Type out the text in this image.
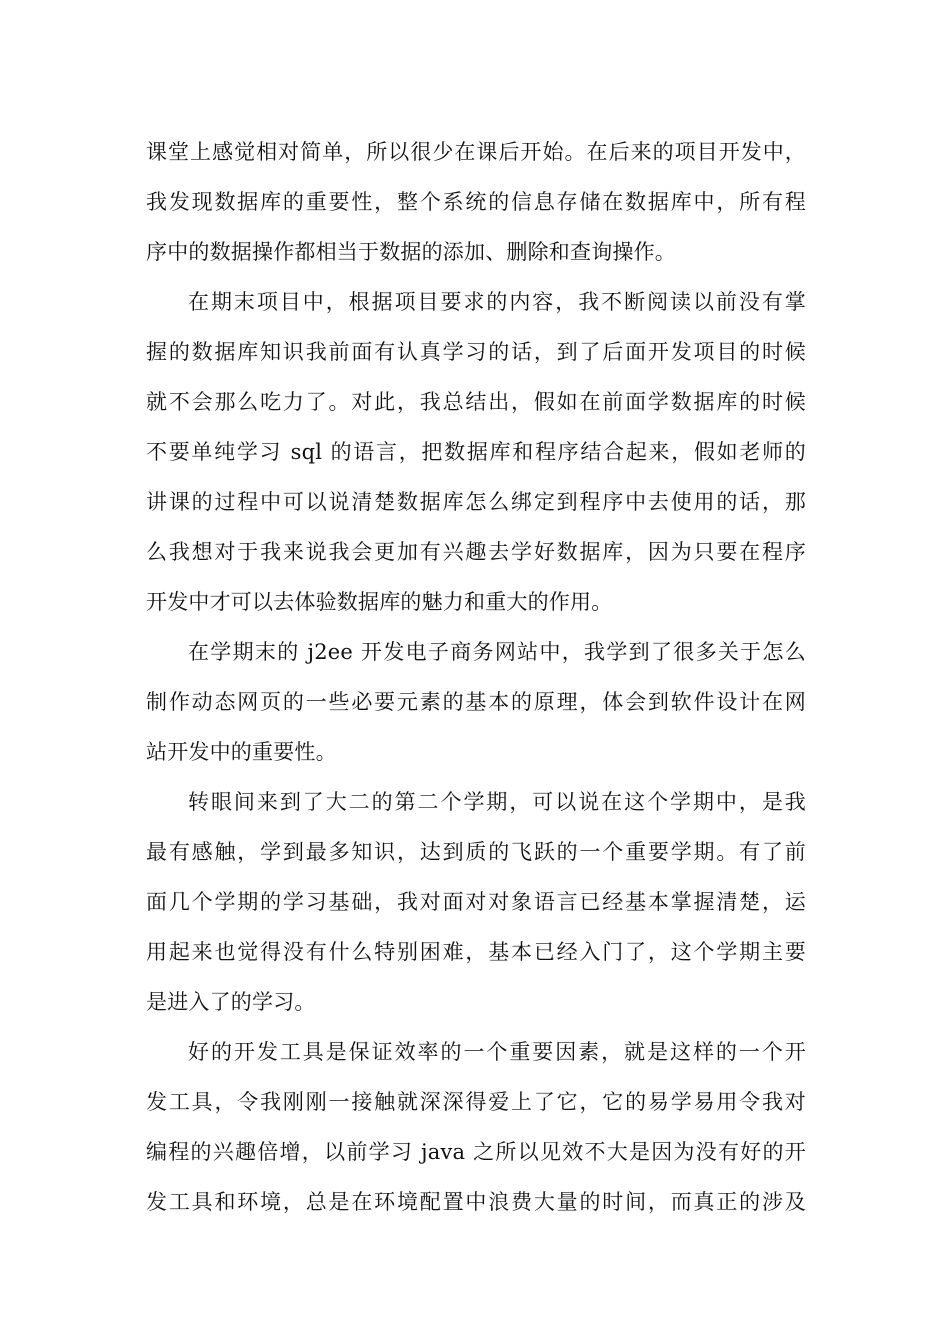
课堂上感觉相对简单，所以很少在课后开始。在后来的项目开发中，
我发现数据库的重要性，整个系统的信息存储在数据库中，所有程
序中的数据操作都相当于数据的添加、删除和查询操作。
在期末项目中，根据项目要求的内容，我不断阅读以前没有掌
握的数据库知识我前面有认真学习的话，到了后面开发项目的时候
就不会那么吃力了。对此，我总结出，假如在前面学数据库的时候
不要单纯学习 sql 的语言，把数据库和程序结合起来，假如老师的
讲课的过程中可以说清楚数据库怎么绑定到程序中去使用的话，那
么我想对于我来说我会更加有兴趣去学好数据库，因为只要在程序
开发中才可以去体验数据库的魅力和重大的作用。
在学期末的 j2ee 开发电子商务网站中，我学到了很多关于怎么
制作动态网页的一些必要元素的基本的原理，体会到软件设计在网
站开发中的重要性。
转眼间来到了大二的第二个学期，可以说在这个学期中，是我
最有感触，学到最多知识，达到质的飞跃的一个重要学期。有了前
面几个学期的学习基础，我对面对对象语言已经基本掌握清楚，运
用起来也觉得没有什么特别困难，基本已经入门了，这个学期主要
是进入了的学习。
好的开发工具是保证效率的一个重要因素，就是这样的一个开
发工具，令我刚刚一接触就深深得爱上了它，它的易学易用令我对
编程的兴趣倍增，以前学习 java 之所以见效不大是因为没有好的开
发工具和环境，总是在环境配置中浪费大量的时间，而真正的涉及
